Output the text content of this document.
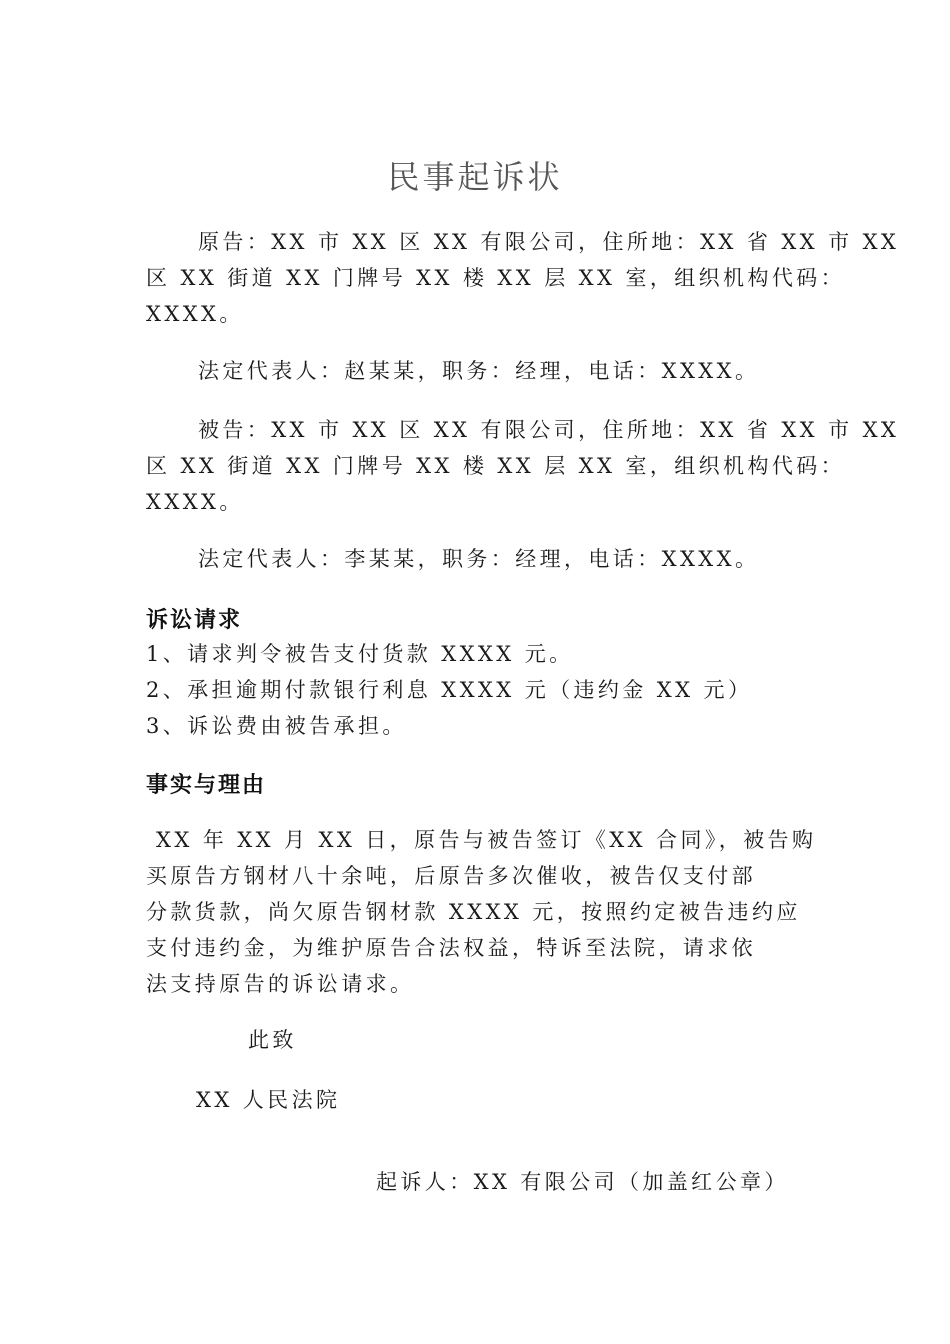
民事起诉状
原告：XX 市 XX 区 XX 有限公司，住所地：XX 省 XX 市 XX
区 XX 街道 XX 门牌号 XX 楼 XX 层 XX 室，组织机构代码：
XXXX。
法定代表人：赵某某，职务：经理，电话：XXXX。
被告：XX 市 XX 区 XX 有限公司，住所地：XX 省 XX 市 XX
区 XX 街道 XX 门牌号 XX 楼 XX 层 XX 室，组织机构代码：
XXXX。
法定代表人：李某某，职务：经理，电话：XXXX。
诉讼请求
1、请求判令被告支付货款 XXXX 元。
2、承担逾期付款银行利息 XXXX 元（违约金 XX 元）
3、诉讼费由被告承担。
事实与理由
XX 年 XX 月 XX 日，原告与被告签订《XX 合同》，被告购
买原告方钢材八十余吨，后原告多次催收，被告仅支付部
分款货款，尚欠原告钢材款 XXXX 元，按照约定被告违约应
支付违约金，为维护原告合法权益，特诉至法院，请求依
法支持原告的诉讼请求。
此致
XX 人民法院
起诉人：XX 有限公司（加盖红公章）
